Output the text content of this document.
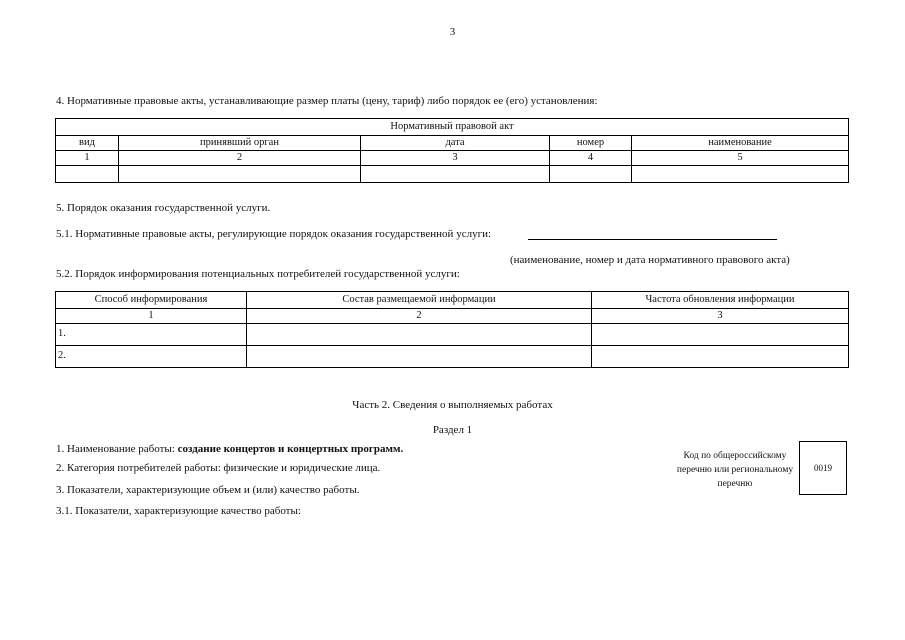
3
4. Нормативные правовые акты, устанавливающие размер платы (цену, тариф) либо порядок ее (его) установления:
Нормативный правовой акт				
вид	принявший орган	дата	номер	наименование
1	2	3	4	5

5. Порядок оказания государственной услуги.
5.1. Нормативные правовые акты, регулирующие порядок оказания государственной услуги:
(наименование, номер и дата нормативного правового акта)
5.2. Порядок информирования потенциальных потребителей государственной услуги:
Способ информирования	Состав размещаемой информации	Частота обновления информации
1	2	3
1.		
2.		
Часть 2. Сведения о выполняемых работах
Раздел 1
1. Наименование работы: создание концертов и концертных программ.
2. Категория потребителей работы: физические и юридические лица.
3. Показатели, характеризующие объем и (или) качество работы.
3.1. Показатели, характеризующие качество работы:
Код по общероссийскому перечню или региональному перечню
0019
